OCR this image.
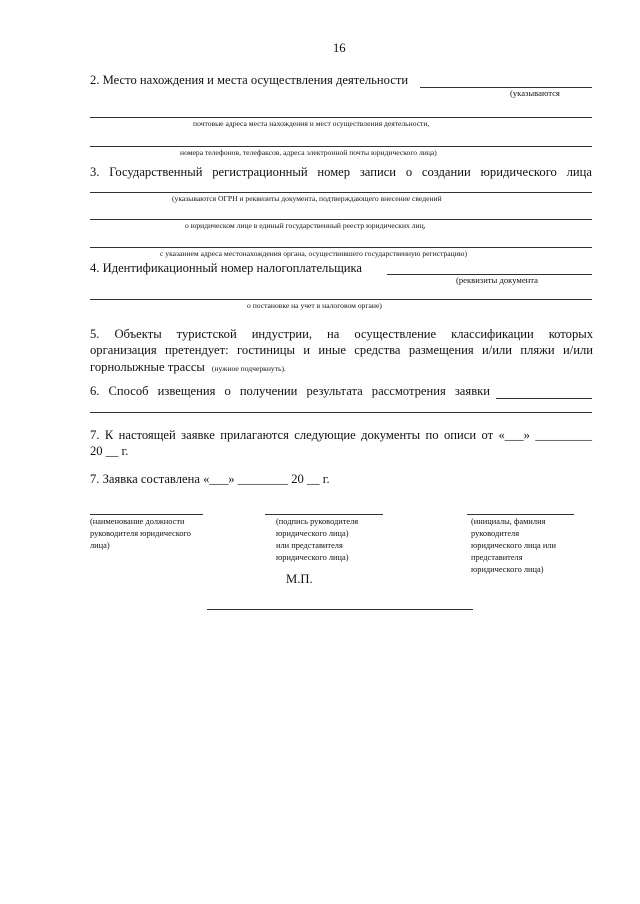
16
2. Место нахождения и места осуществления деятельности
(указываются
почтовые адреса места нахождения и мест осуществления деятельности,
номера телефонов, телефаксов, адреса электронной почты юридического лица)
3. Государственный регистрационный номер записи о создании юридического лица
(указываются ОГРН и реквизиты документа, подтверждающего внесение сведений
о юридическом лице в единый государственный реестр юридических лиц,
с указанием адреса местонахождения органа, осуществившего государственную регистрацию)
4. Идентификационный номер налогоплательщика
(реквизиты документа
о постановке на учет в налоговом органе)
5. Объекты туристской индустрии, на осуществление классификации которых
организация претендует: гостиницы и иные средства размещения и/или пляжи и/или
горнолыжные трассы (нужное подчеркнуть).
6. Способ извещения о получении результата рассмотрения заявки
7. К настоящей заявке прилагаются следующие документы по описи от «___» _________
20 __ г.
7. Заявка составлена «___» ________ 20 __ г.
(наименование должности
руководителя юридического
лица)
(подпись руководителя
юридического лица)
или представителя
юридического лица)
(инициалы, фамилия
руководителя
юридического лица или
представителя
юридического лица)
М.П.
